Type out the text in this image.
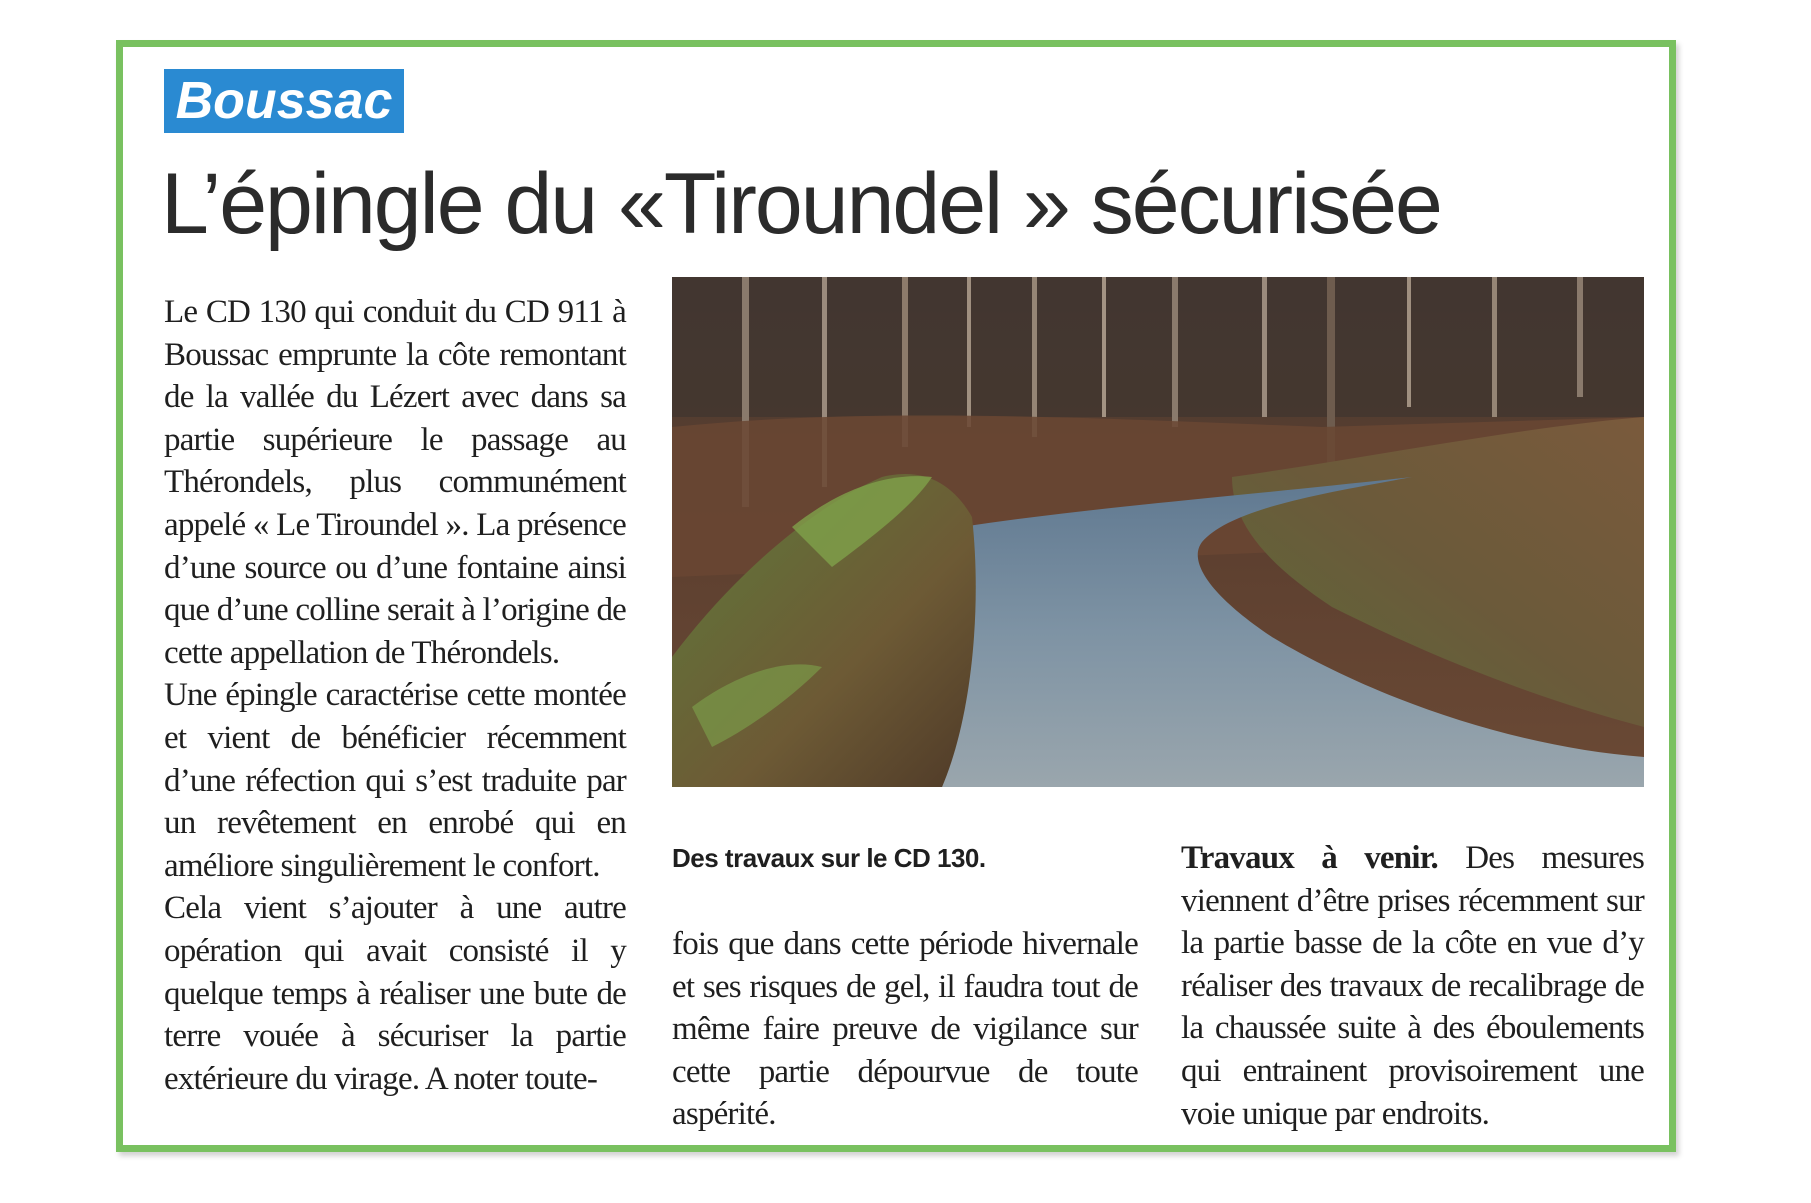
Boussac
L’épingle du «Tiroundel » sécurisée

Le CD 130 qui conduit du CD 911 à Boussac emprunte la côte remontant de la vallée du Lézert avec dans sa partie supérieure le passage au Thérondels, plus communément appelé « Le Tiroundel ». La présence d’une source ou d’une fontaine ainsi que d’une colline serait à l’origine de cette appellation de Thérondels.

Une épingle caractérise cette montée et vient de bénéficier récemment d’une réfection qui s’est traduite par un revêtement en enrobé qui en améliore singulièrement le confort.

Cela vient s’ajouter à une autre opération qui avait consisté il y quelque temps à réaliser une bute de terre vouée à sécuriser la partie extérieure du virage. A noter toute-

Des travaux sur le CD 130.

fois que dans cette période hivernale et ses risques de gel, il faudra tout de même faire preuve de vigilance sur cette partie dépourvue de toute aspérité.

Travaux à venir. Des mesures viennent d’être prises récemment sur la partie basse de la côte en vue d’y réaliser des travaux de recalibrage de la chaussée suite à des éboulements qui entrainent provisoirement une voie unique par endroits.
